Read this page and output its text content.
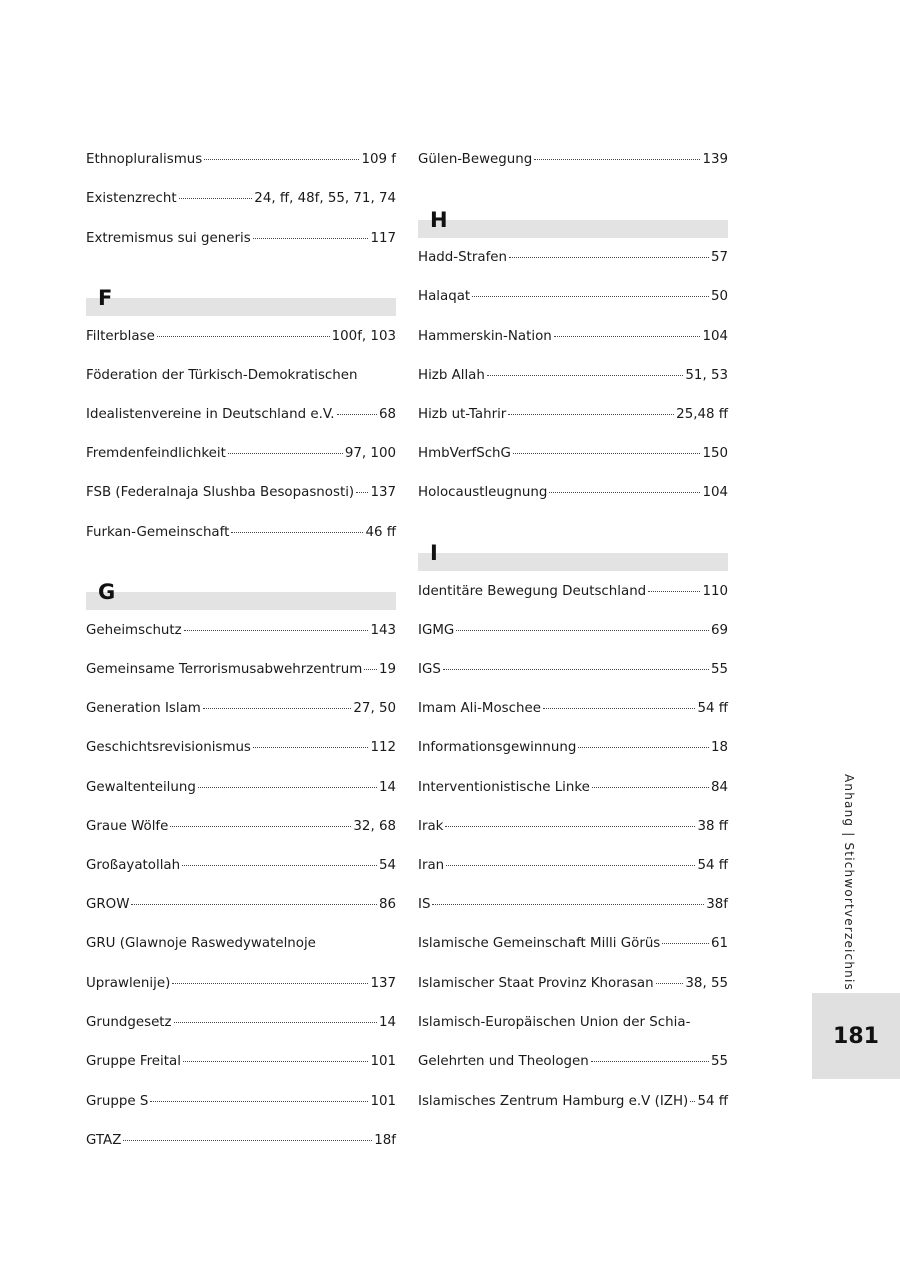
Ethnopluralismus	109 f
Existenzrecht	24, ff, 48f, 55, 71, 74
Extremismus sui generis	117
F
Filterblase	100f, 103
Föderation der Türkisch-Demokratischen
Idealistenvereine in Deutschland e.V.	68
Fremdenfeindlichkeit	97, 100
FSB (Federalnaja Slushba Besopasnosti) 137
Furkan-Gemeinschaft	46 ff
G
Geheimschutz	143
Gemeinsame Terrorismusabwehrzentrum 19
Generation Islam	27, 50
Geschichtsrevisionismus	112
Gewaltenteilung	14
Graue Wölfe	32, 68
Großayatollah	54
GROW	86
GRU (Glawnoje Raswedywatelnoje
Uprawlenije)	137
Grundgesetz	14
Gruppe Freital	101
Gruppe S	101
GTAZ	18f
Gülen-Bewegung	139
H
Hadd-Strafen	57
Halaqat	50
Hammerskin-Nation	104
Hizb Allah	51, 53
Hizb ut-Tahrir	25,48 ff
HmbVerfSchG	150
Holocaustleugnung	104
I
Identitäre Bewegung Deutschland	110
IGMG	69
IGS	55
Imam Ali-Moschee	54 ff
Informationsgewinnung	18
Interventionistische Linke	84
Irak	38 ff
Iran	54 ff
IS	38f
Islamische Gemeinschaft Milli Görüs	61
Islamischer Staat Provinz Khorasan 38, 55
Islamisch-Europäischen Union der Schia-
Gelehrten und Theologen	55
Islamisches Zentrum Hamburg e.V (IZH) 54 ff
Anhang | Stichwortverzeichnis
181
